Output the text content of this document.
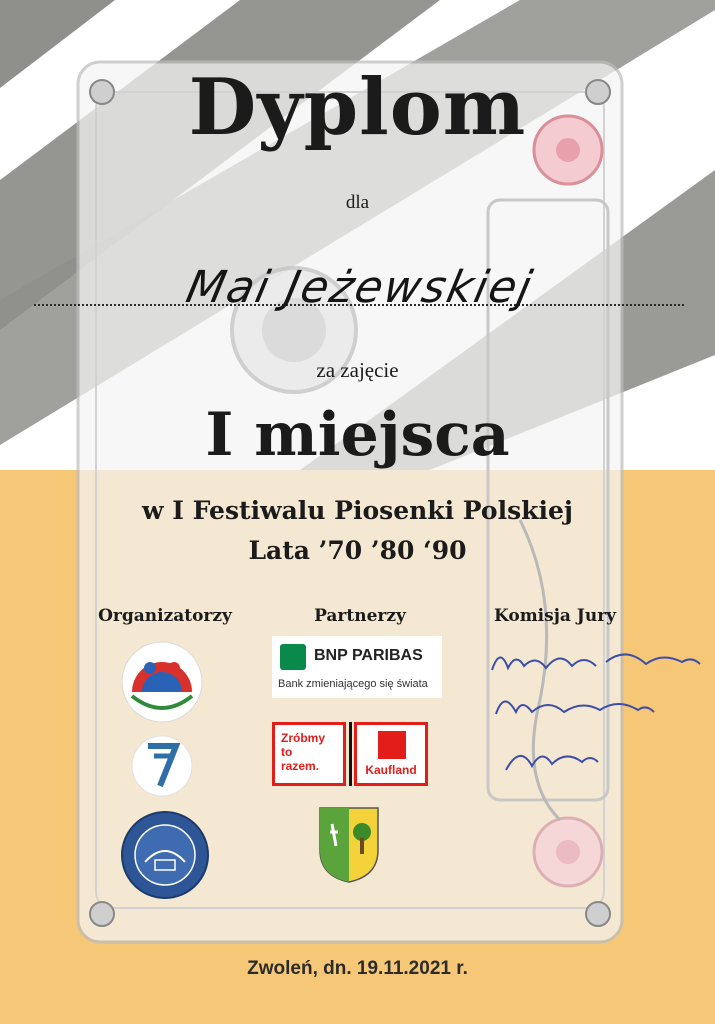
Dyplom
dla
Mai Jeżewskiej
za zajęcie
I miejsca
w I Festiwalu Piosenki Polskiej
Lata ’70 ’80 ‘90
Organizatorzy	Partnerzy	Komisja Jury
BNP PARIBAS
Bank zmieniającego się świata
Zróbmy
to
razem.	Kaufland
Zwoleń, dn. 19.11.2021 r.
